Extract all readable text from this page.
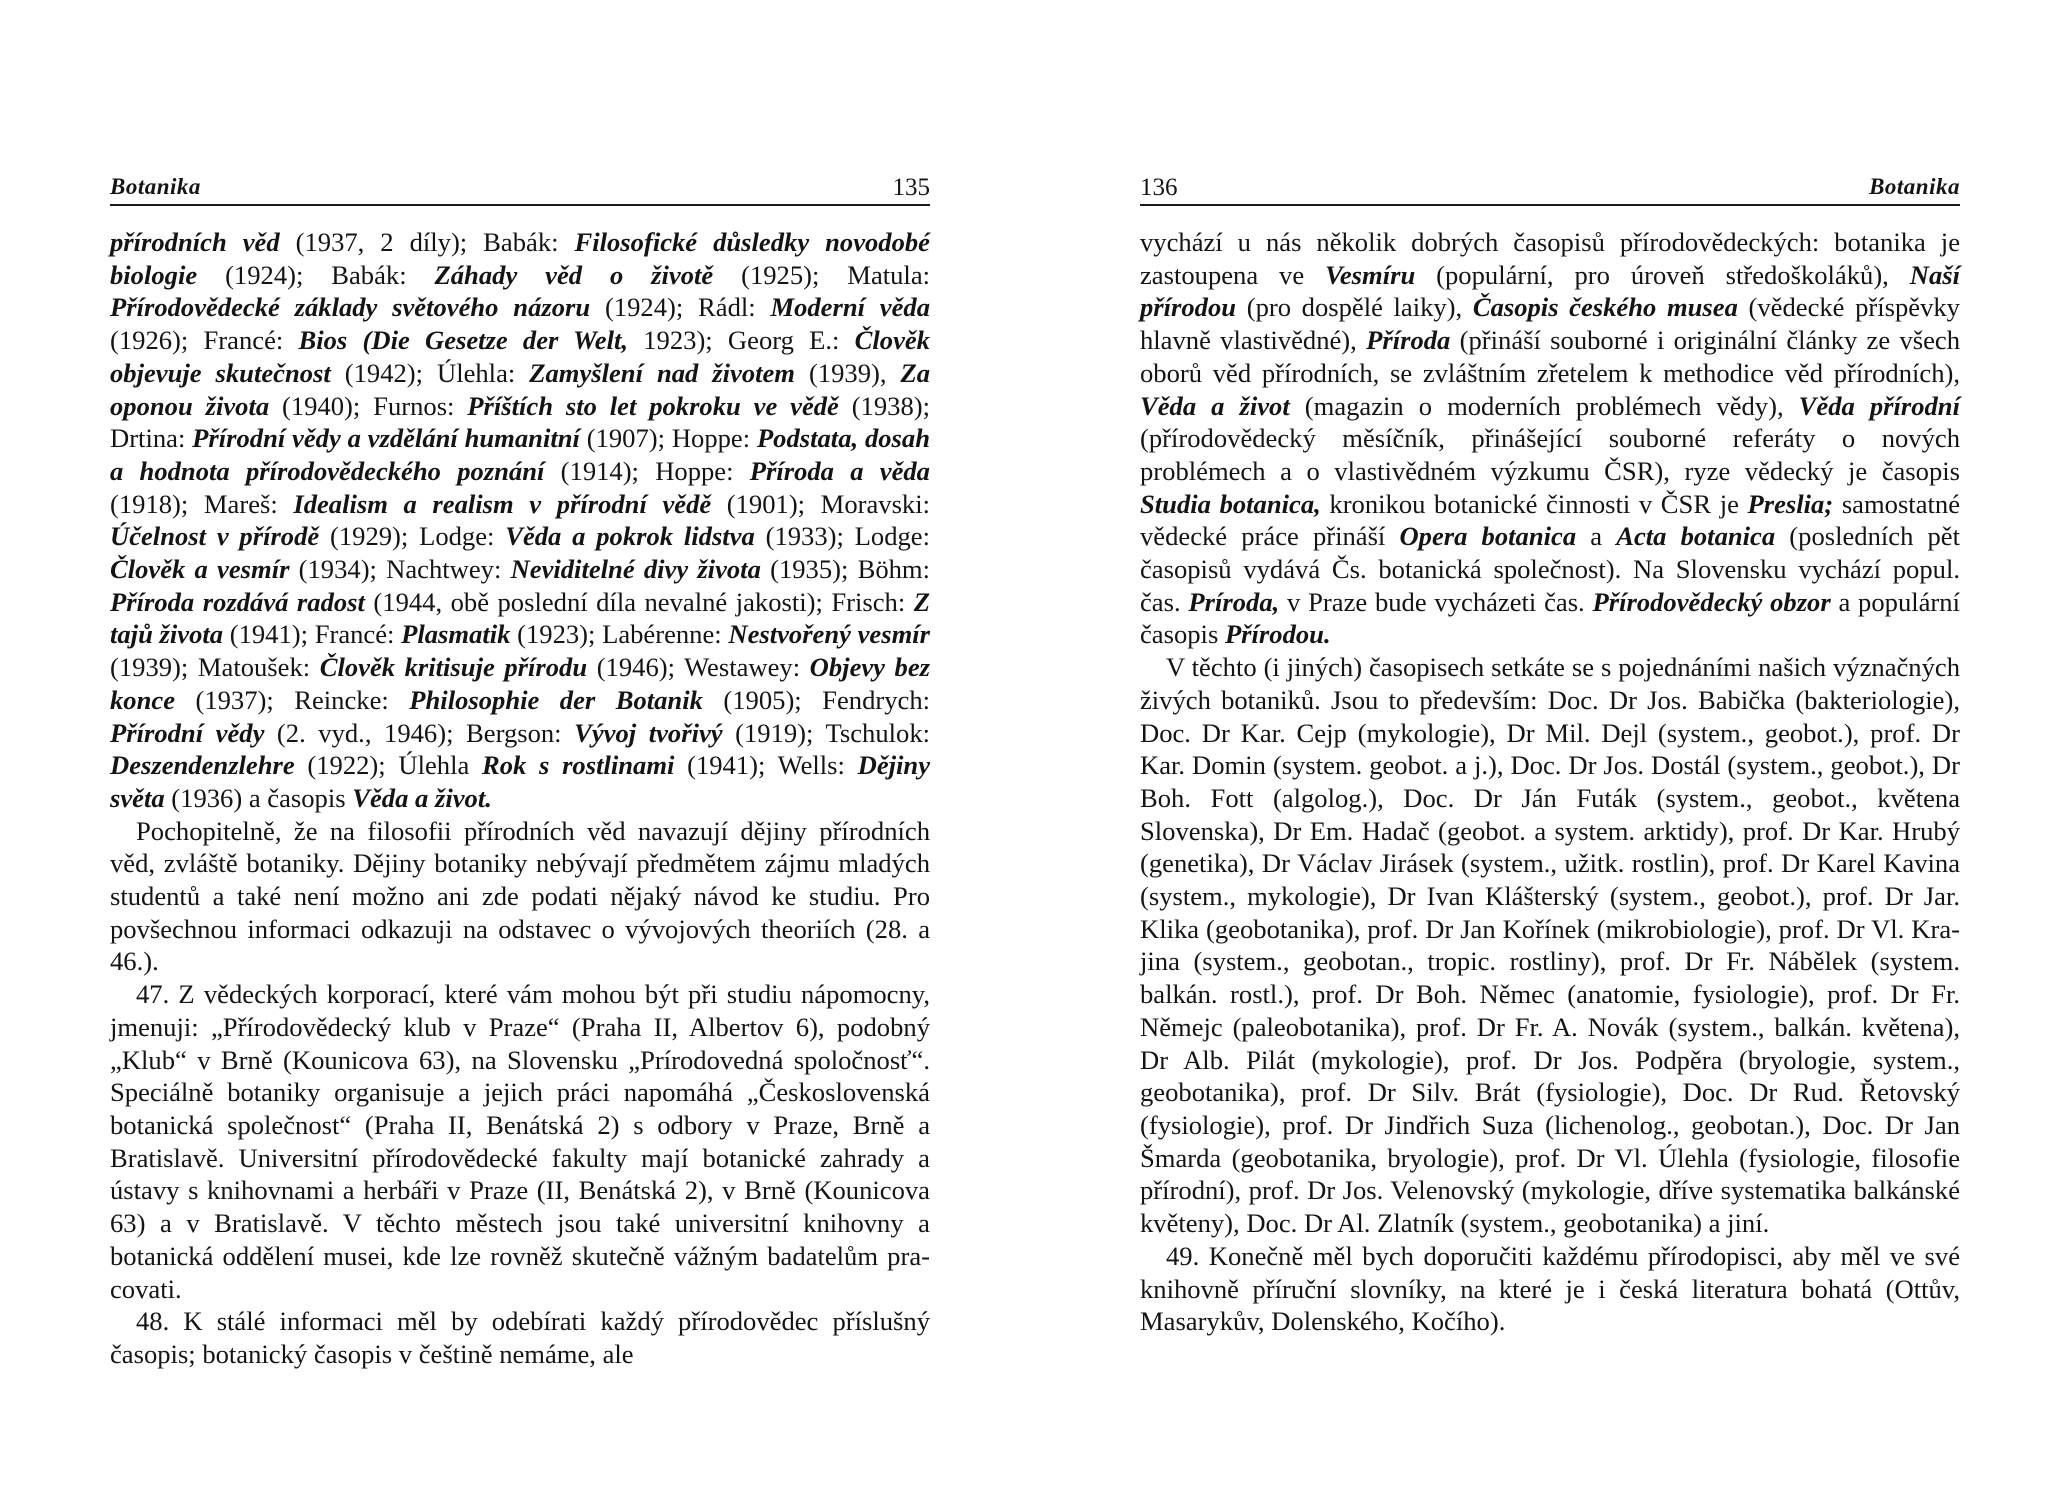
Botanika	135

přírodních věd (1937, 2 díly); Babák: Filosofické důsledky novodobé biologie (1924); Babák: Záhady věd o životě (1925); Matula: Přírodovědecké základy světového názoru (1924); Rádl: Moderní věda (1926); Francé: Bios (Die Gesetze der Welt, 1923); Georg E.: Člověk objevuje skutečnost (1942); Úlehla: Zamyšlení nad životem (1939), Za oponou života (1940); Furnos: Příštích sto let pokroku ve vědě (1938); Drtina: Přírodní vědy a vzdělání humanitní (1907); Hoppe: Podstata, dosah a hodnota přírodovědeckého poznání (1914); Hoppe: Příroda a věda (1918); Mareš: Idealism a realism v přírodní vědě (1901); Moravski: Účelnost v přírodě (1929); Lodge: Věda a pokrok lidstva (1933); Lodge: Člověk a vesmír (1934); Nachtwey: Neviditelné divy života (1935); Böhm: Příroda rozdává radost (1944, obě poslední díla nevalné jakosti); Frisch: Z tajů života (1941); Francé: Plasmatik (1923); Labérenne: Nestvořený vesmír (1939); Matoušek: Člověk kritisuje přírodu (1946); Westawey: Objevy bez konce (1937); Reincke: Philosophie der Botanik (1905); Fendrych: Přírodní vědy (2. vyd., 1946); Bergson: Vývoj tvořivý (1919); Tschulok: Deszendenzlehre (1922); Úlehla Rok s rostlinami (1941); Wells: Dějiny světa (1936) a časopis Věda a život.

Pochopitelně, že na filosofii přírodních věd navazují dějiny přírodních věd, zvláště botaniky. Dějiny botaniky nebývají předmětem zájmu mladých studentů a také není možno ani zde podati nějaký návod ke studiu. Pro povšechnou informaci odkazuji na odstavec o vývojových theoriích (28. a 46.).

47. Z vědeckých korporací, které vám mohou být při studiu nápomocny, jmenuji: „Přírodovědecký klub v Praze“ (Praha II, Albertov 6), podobný „Klub“ v Brně (Kounicova 63), na Slovensku „Prírodovedná spoločnosť“. Speciálně botaniky organisuje a jejich práci napomáhá „Československá botanická společnost“ (Praha II, Benátská 2) s odbory v Praze, Brně a Bratislavě. Universitní přírodovědecké fakulty mají botanické zahrady a ústavy s knihovnami a herbáři v Praze (II, Benátská 2), v Brně (Kounicova 63) a v Bratislavě. V těchto městech jsou také universitní knihovny a botanická oddělení musei, kde lze rovněž skutečně vážným badatelům pracovati.

48. K stálé informaci měl by odebírati každý přírodovědec příslušný časopis; botanický časopis v češtině nemáme, ale

136	Botanika

vychází u nás několik dobrých časopisů přírodovědeckých: botanika je zastoupena ve Vesmíru (populární, pro úroveň středoškoláků), Naší přírodou (pro dospělé laiky), Časopis českého musea (vědecké příspěvky hlavně vlastivědné), Příroda (přináší souborné i originální články ze všech oborů věd přírodních, se zvláštním zřetelem k methodice věd přírodních), Věda a život (magazin o moderních problémech vědy), Věda přírodní (přírodovědecký měsíčník, přinášející souborné referáty o nových problémech a o vlastivědném výzkumu ČSR), ryze vědecký je časopis Studia botanica, kronikou botanické činnosti v ČSR je Preslia; samostatné vědecké práce přináší Opera botanica a Acta botanica (posledních pět časopisů vydává Čs. botanická společnost). Na Slovensku vychází popul. čas. Príroda, v Praze bude vycházeti čas. Přírodovědecký obzor a populární časopis Přírodou.

V těchto (i jiných) časopisech setkáte se s pojednáními našich význačných živých botaniků. Jsou to především: Doc. Dr Jos. Babička (bakteriologie), Doc. Dr Kar. Cejp (mykologie), Dr Mil. Dejl (system., geobot.), prof. Dr Kar. Domin (system. geobot. a j.), Doc. Dr Jos. Dostál (system., geobot.), Dr Boh. Fott (algolog.), Doc. Dr Ján Futák (system., geobot., květena Slovenska), Dr Em. Hadač (geobot. a system. arktidy), prof. Dr Kar. Hrubý (genetika), Dr Václav Jirásek (system., užitk. rostlin), prof. Dr Karel Kavina (system., mykologie), Dr Ivan Klášterský (system., geobot.), prof. Dr Jar. Klika (geobotanika), prof. Dr Jan Kořínek (mikrobiologie), prof. Dr Vl. Krajina (system., geobotan., tropic. rostliny), prof. Dr Fr. Nábělek (system. balkán. rostl.), prof. Dr Boh. Němec (anatomie, fysiologie), prof. Dr Fr. Němejc (paleobotanika), prof. Dr Fr. A. Novák (system., balkán. květena), Dr Alb. Pilát (mykologie), prof. Dr Jos. Podpěra (bryologie, system., geobotanika), prof. Dr Silv. Brát (fysiologie), Doc. Dr Rud. Řetovský (fysiologie), prof. Dr Jindřich Suza (lichenolog., geobotan.), Doc. Dr Jan Šmarda (geobotanika, bryologie), prof. Dr Vl. Úlehla (fysiologie, filosofie přírodní), prof. Dr Jos. Velenovský (mykologie, dříve systematika balkánské květeny), Doc. Dr Al. Zlatník (system., geobotanika) a jiní.

49. Konečně měl bych doporučiti každému přírodopisci, aby měl ve své knihovně příruční slovníky, na které je i česká literatura bohatá (Ottův, Masarykův, Dolenského, Kočího).
